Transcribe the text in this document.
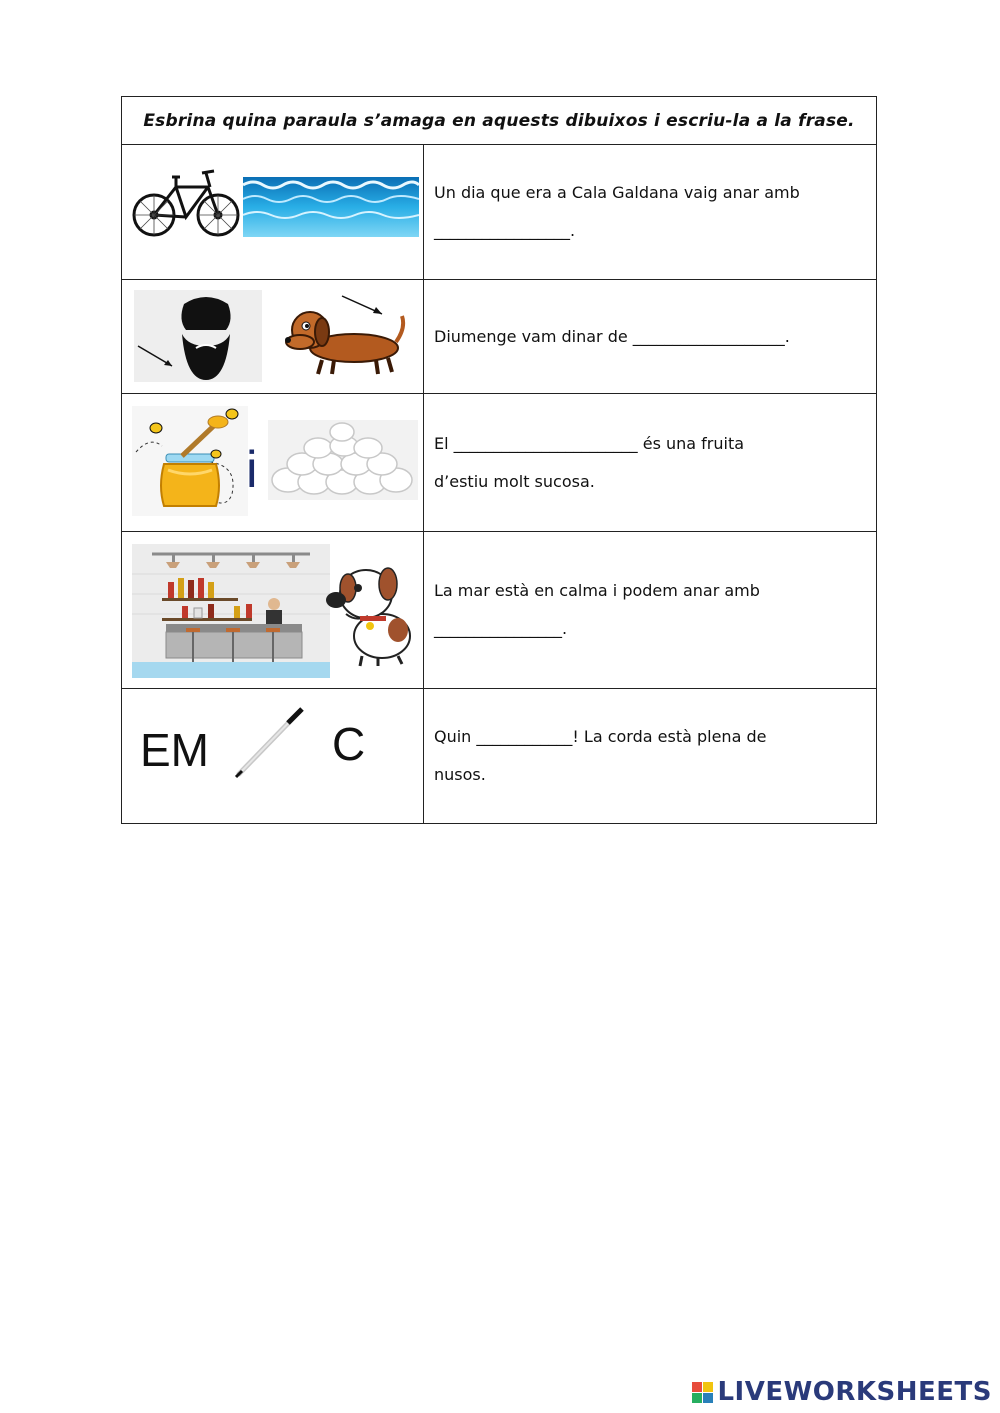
Esbrina quina paraula s’amaga en aquests dibuixos i escriu-la a la frase.
Un dia que era a Cala Galdana vaig anar amb
_________________.
Diumenge vam dinar de ___________________.
i	El _______________________ és una fruita
d’estiu molt sucosa.
La mar està en calma i podem anar amb
________________.
EM	C	Quin ____________! La corda està plena de
nusos.
LIVEWORKSHEETS
